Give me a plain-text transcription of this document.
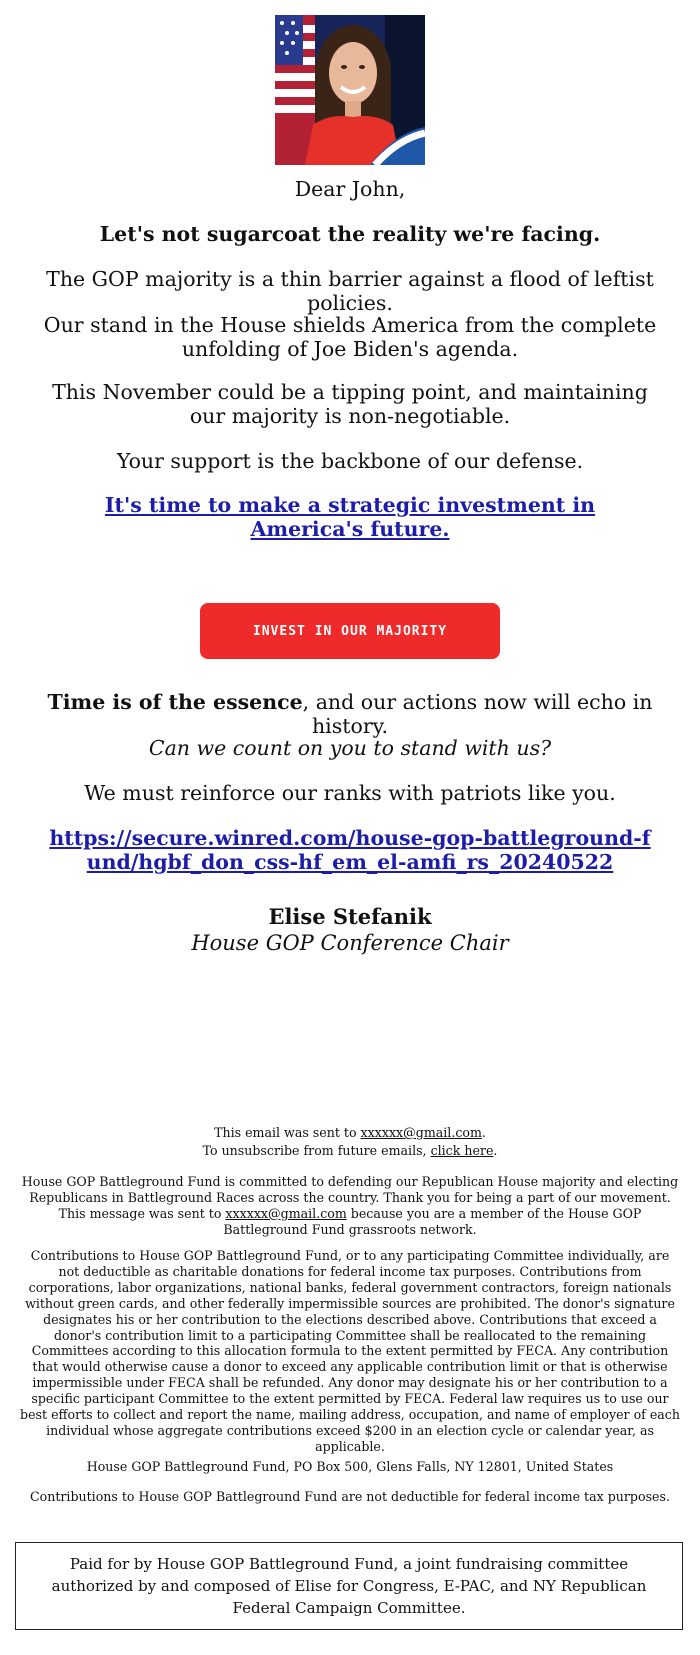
Dear John,

Let's not sugarcoat the reality we're facing.

The GOP majority is a thin barrier against a flood of leftist policies.

Our stand in the House shields America from the complete unfolding of Joe Biden's agenda.

This November could be a tipping point, and maintaining our majority is non-negotiable.

Your support is the backbone of our defense.

It's time to make a strategic investment in America's future.

INVEST IN OUR MAJORITY

Time is of the essence, and our actions now will echo in history.

Can we count on you to stand with us?

We must reinforce our ranks with patriots like you.

https://secure.winred.com/house-gop-battleground-fund/hgbf_don_css-hf_em_el-amfi_rs_20240522

Elise Stefanik
House GOP Conference Chair

This email was sent to xxxxxx@gmail.com.

To unsubscribe from future emails, click here.

House GOP Battleground Fund is committed to defending our Republican House majority and electing Republicans in Battleground Races across the country. Thank you for being a part of our movement. This message was sent to xxxxxx@gmail.com because you are a member of the House GOP Battleground Fund grassroots network.

Contributions to House GOP Battleground Fund, or to any participating Committee individually, are not deductible as charitable donations for federal income tax purposes. Contributions from corporations, labor organizations, national banks, federal government contractors, foreign nationals without green cards, and other federally impermissible sources are prohibited. The donor's signature designates his or her contribution to the elections described above. Contributions that exceed a donor's contribution limit to a participating Committee shall be reallocated to the remaining Committees according to this allocation formula to the extent permitted by FECA. Any contribution that would otherwise cause a donor to exceed any applicable contribution limit or that is otherwise impermissible under FECA shall be refunded. Any donor may designate his or her contribution to a specific participant Committee to the extent permitted by FECA. Federal law requires us to use our best efforts to collect and report the name, mailing address, occupation, and name of employer of each individual whose aggregate contributions exceed $200 in an election cycle or calendar year, as applicable.

House GOP Battleground Fund, PO Box 500, Glens Falls, NY 12801, United States

Contributions to House GOP Battleground Fund are not deductible for federal income tax purposes.

Paid for by House GOP Battleground Fund, a joint fundraising committee authorized by and composed of Elise for Congress, E-PAC, and NY Republican Federal Campaign Committee.
